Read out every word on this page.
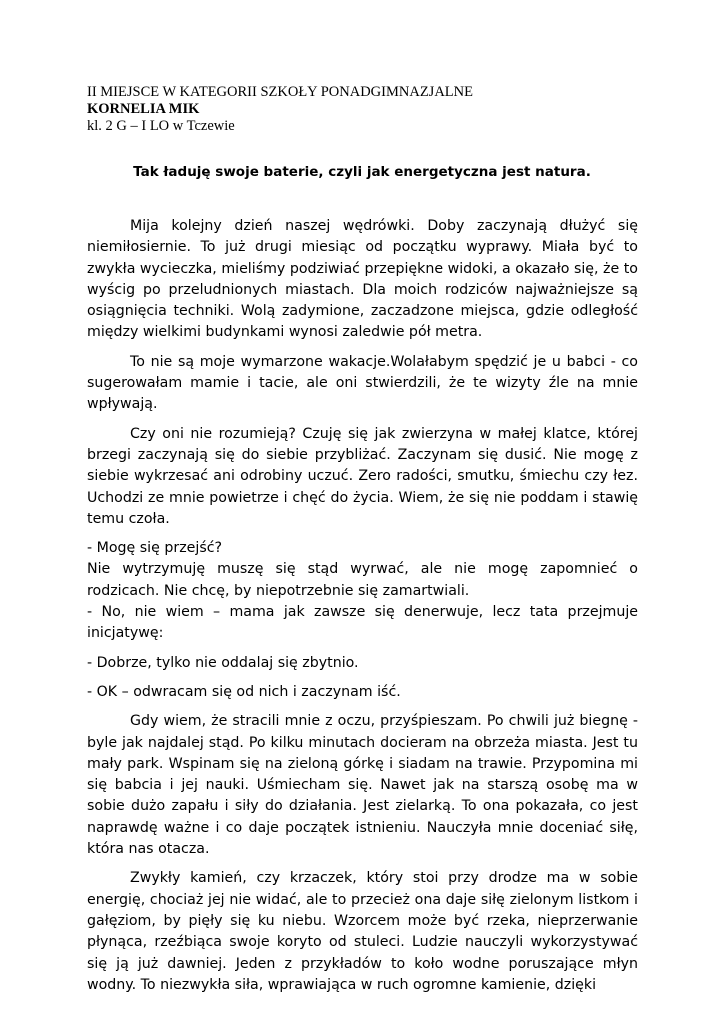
II MIEJSCE W KATEGORII SZKOŁY PONADGIMNAZJALNE
KORNELIA MIK
kl. 2 G – I LO w Tczewie
Tak ładuję swoje baterie, czyli jak energetyczna jest natura.

Mija kolejny dzień naszej wędrówki. Doby zaczynają dłużyć się niemiłosiernie. To już drugi miesiąc od początku wyprawy. Miała być to zwykła wycieczka, mieliśmy podziwiać przepiękne widoki, a okazało się, że to wyścig po przeludnionych miastach. Dla moich rodziców najważniejsze są osiągnięcia techniki. Wolą zadymione, zaczadzone miejsca, gdzie odległość między wielkimi budynkami wynosi zaledwie pół metra.

To nie są moje wymarzone wakacje.Wolałabym spędzić je u babci - co sugerowałam mamie i tacie, ale oni stwierdzili, że te wizyty źle na mnie wpływają.

Czy oni nie rozumieją? Czuję się jak zwierzyna w małej klatce, której brzegi zaczynają się do siebie przybliżać. Zaczynam się dusić. Nie mogę z siebie wykrzesać ani odrobiny uczuć. Zero radości, smutku, śmiechu czy łez. Uchodzi ze mnie powietrze i chęć do życia. Wiem, że się nie poddam i stawię temu czoła.

- Mogę się przejść?

Nie wytrzymuję muszę się stąd wyrwać, ale nie mogę zapomnieć o rodzicach. Nie chcę, by niepotrzebnie się zamartwiali.

- No, nie wiem – mama jak zawsze się denerwuje, lecz tata przejmuje inicjatywę:

- Dobrze, tylko nie oddalaj się zbytnio.

- OK – odwracam się od nich i zaczynam iść.

Gdy wiem, że stracili mnie z oczu, przyśpieszam. Po chwili już biegnę - byle jak najdalej stąd. Po kilku minutach docieram na obrzeża miasta. Jest tu mały park. Wspinam się na zieloną górkę i siadam na trawie. Przypomina mi się babcia i jej nauki. Uśmiecham się. Nawet jak na starszą osobę ma w sobie dużo zapału i siły do działania. Jest zielarką. To ona pokazała, co jest naprawdę ważne i co daje początek istnieniu. Nauczyła mnie doceniać siłę, która nas otacza.

Zwykły kamień, czy krzaczek, który stoi przy drodze ma w sobie energię, chociaż jej nie widać, ale to przecież ona daje siłę zielonym listkom i gałęziom, by pięły się ku niebu. Wzorcem może być rzeka, nieprzerwanie płynąca, rzeźbiąca swoje koryto od stuleci. Ludzie nauczyli wykorzystywać się ją już dawniej. Jeden z przykładów to koło wodne poruszające młyn wodny. To niezwykła siła, wprawiająca w ruch ogromne kamienie, dzięki
